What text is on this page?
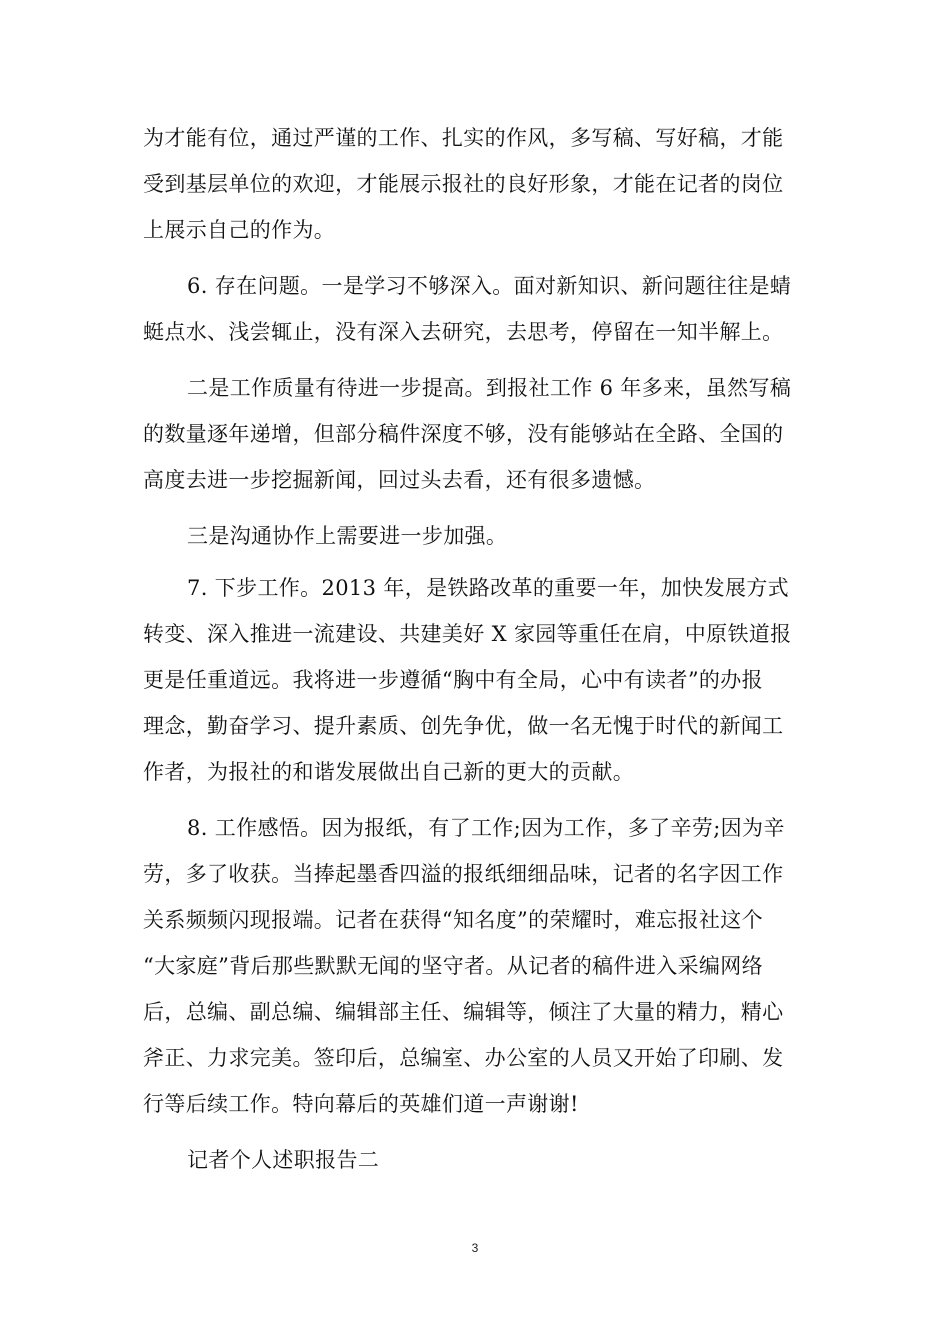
为才能有位，通过严谨的工作、扎实的作风，多写稿、写好稿，才能
受到基层单位的欢迎，才能展示报社的良好形象，才能在记者的岗位
上展示自己的作为。
6. 存在问题。一是学习不够深入。面对新知识、新问题往往是蜻
蜓点水、浅尝辄止，没有深入去研究，去思考，停留在一知半解上。
二是工作质量有待进一步提高。到报社工作 6 年多来，虽然写稿
的数量逐年递增，但部分稿件深度不够，没有能够站在全路、全国的
高度去进一步挖掘新闻，回过头去看，还有很多遗憾。
三是沟通协作上需要进一步加强。
7. 下步工作。2013 年，是铁路改革的重要一年，加快发展方式
转变、深入推进一流建设、共建美好 X 家园等重任在肩，中原铁道报
更是任重道远。我将进一步遵循“胸中有全局，心中有读者”的办报
理念，勤奋学习、提升素质、创先争优，做一名无愧于时代的新闻工
作者，为报社的和谐发展做出自己新的更大的贡献。
8. 工作感悟。因为报纸，有了工作;因为工作，多了辛劳;因为辛
劳，多了收获。当捧起墨香四溢的报纸细细品味，记者的名字因工作
关系频频闪现报端。记者在获得“知名度”的荣耀时，难忘报社这个
“大家庭”背后那些默默无闻的坚守者。从记者的稿件进入采编网络
后，总编、副总编、编辑部主任、编辑等，倾注了大量的精力，精心
斧正、力求完美。签印后，总编室、办公室的人员又开始了印刷、发
行等后续工作。特向幕后的英雄们道一声谢谢!
记者个人述职报告二
3
